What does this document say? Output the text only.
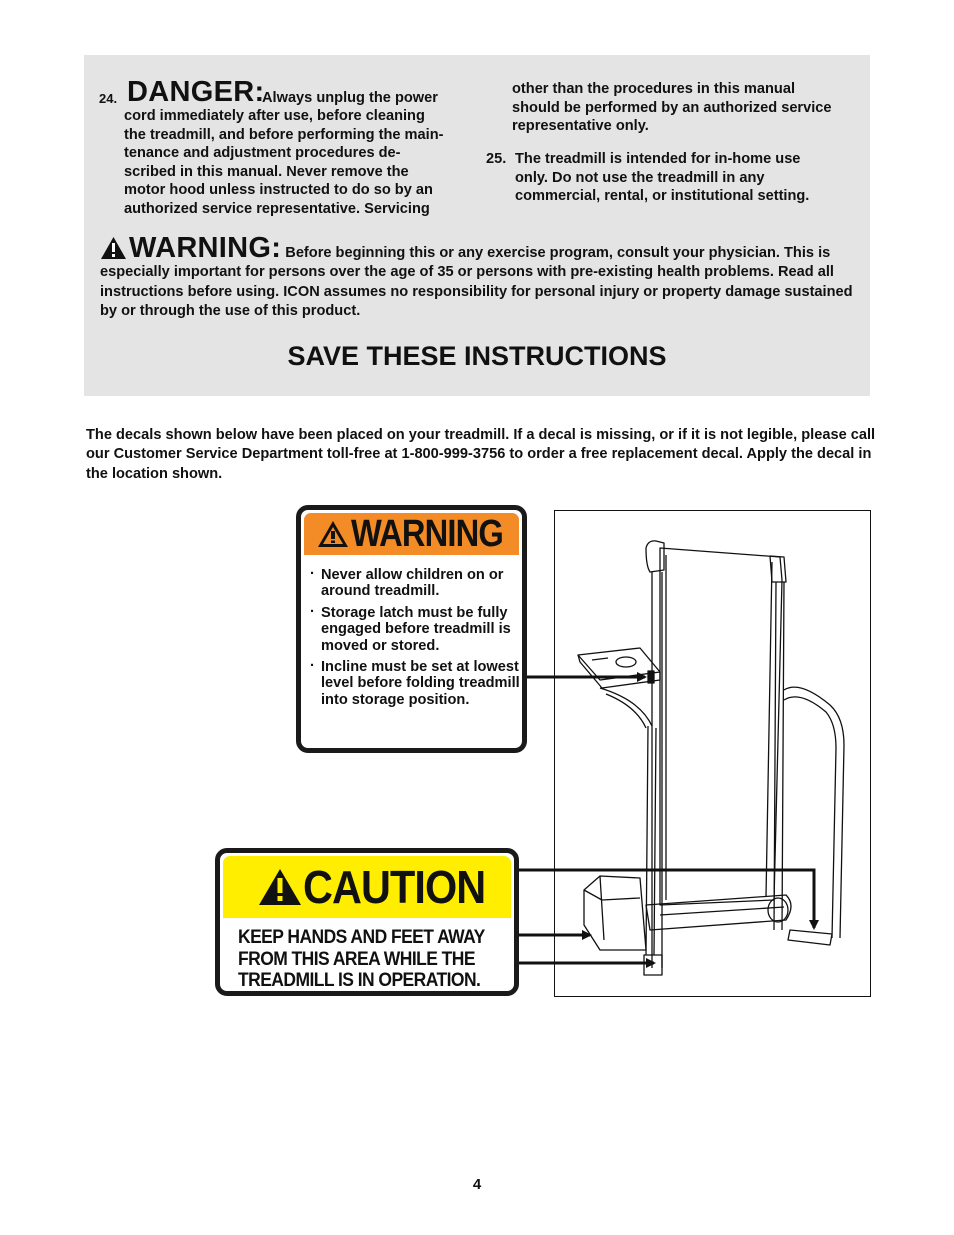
24. DANGER:
Always unplug the power
cord immediately after use, before cleaning
the treadmill, and before performing the main-
tenance and adjustment procedures de-
scribed in this manual. Never remove the
motor hood unless instructed to do so by an
authorized service representative. Servicing
other than the procedures in this manual
should be performed by an authorized service
representative only.
25. The treadmill is intended for in-home use
only. Do not use the treadmill in any
commercial, rental, or institutional setting.
WARNING: Before beginning this or any exercise program, consult your physician. This is especially important for persons over the age of 35 or persons with pre-existing health problems. Read all instructions before using. ICON assumes no responsibility for personal injury or property damage sustained by or through the use of this product.
SAVE THESE INSTRUCTIONS
The decals shown below have been placed on your treadmill. If a decal is missing, or if it is not legible, please call our Customer Service Department toll-free at 1-800-999-3756 to order a free replacement decal. Apply the decal in the location shown.
WARNING
· Never allow children on or around treadmill.
· Storage latch must be fully engaged before treadmill is moved or stored.
· Incline must be set at lowest level before folding treadmill into storage position.
CAUTION
KEEP HANDS AND FEET AWAY
FROM THIS AREA WHILE THE
TREADMILL IS IN OPERATION.
4
